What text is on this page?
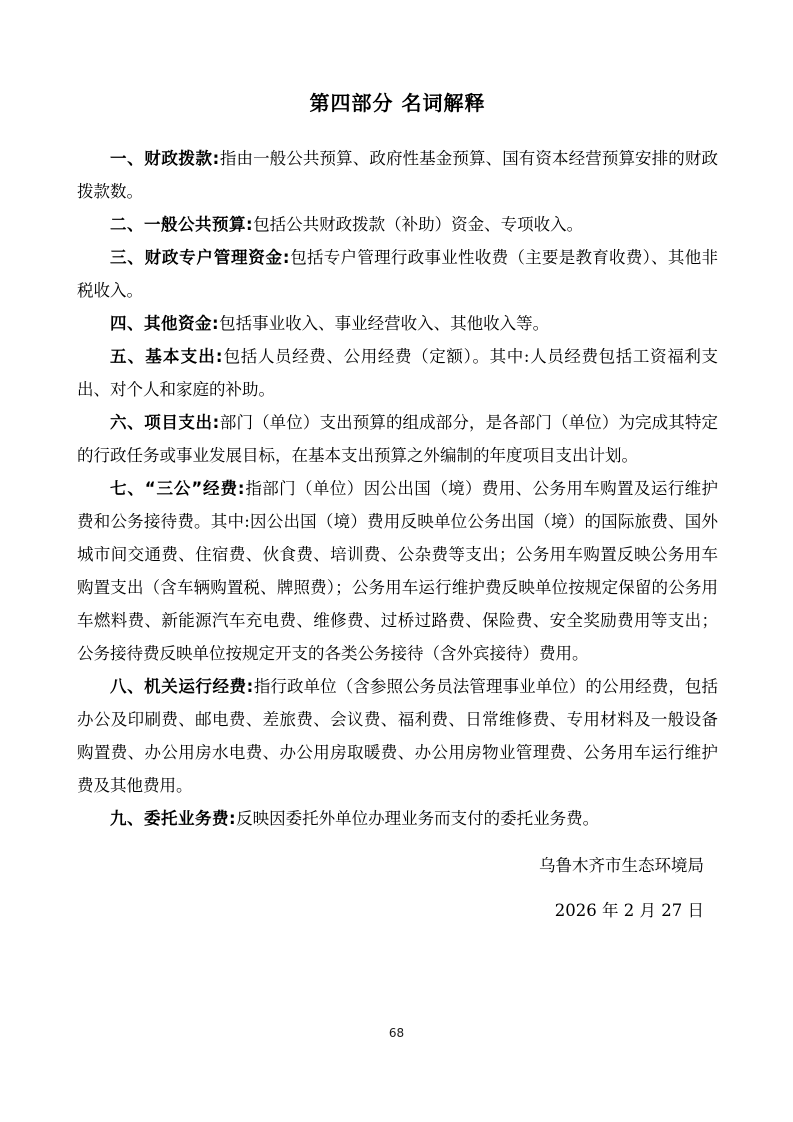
第四部分 名词解释

一、财政拨款:指由一般公共预算、政府性基金预算、国有资本经营预算安排的财政拨款数。

二、一般公共预算:包括公共财政拨款（补助）资金、专项收入。

三、财政专户管理资金:包括专户管理行政事业性收费（主要是教育收费）、其他非税收入。

四、其他资金:包括事业收入、事业经营收入、其他收入等。

五、基本支出:包括人员经费、公用经费（定额）。其中:人员经费包括工资福利支出、对个人和家庭的补助。

六、项目支出:部门（单位）支出预算的组成部分，是各部门（单位）为完成其特定的行政任务或事业发展目标，在基本支出预算之外编制的年度项目支出计划。

七、“三公”经费:指部门（单位）因公出国（境）费用、公务用车购置及运行维护费和公务接待费。其中:因公出国（境）费用反映单位公务出国（境）的国际旅费、国外城市间交通费、住宿费、伙食费、培训费、公杂费等支出；公务用车购置反映公务用车购置支出（含车辆购置税、牌照费）；公务用车运行维护费反映单位按规定保留的公务用车燃料费、新能源汽车充电费、维修费、过桥过路费、保险费、安全奖励费用等支出；公务接待费反映单位按规定开支的各类公务接待（含外宾接待）费用。

八、机关运行经费:指行政单位（含参照公务员法管理事业单位）的公用经费，包括办公及印刷费、邮电费、差旅费、会议费、福利费、日常维修费、专用材料及一般设备购置费、办公用房水电费、办公用房取暖费、办公用房物业管理费、公务用车运行维护费及其他费用。

九、委托业务费:反映因委托外单位办理业务而支付的委托业务费。

乌鲁木齐市生态环境局
2026 年 2 月 27 日
68
